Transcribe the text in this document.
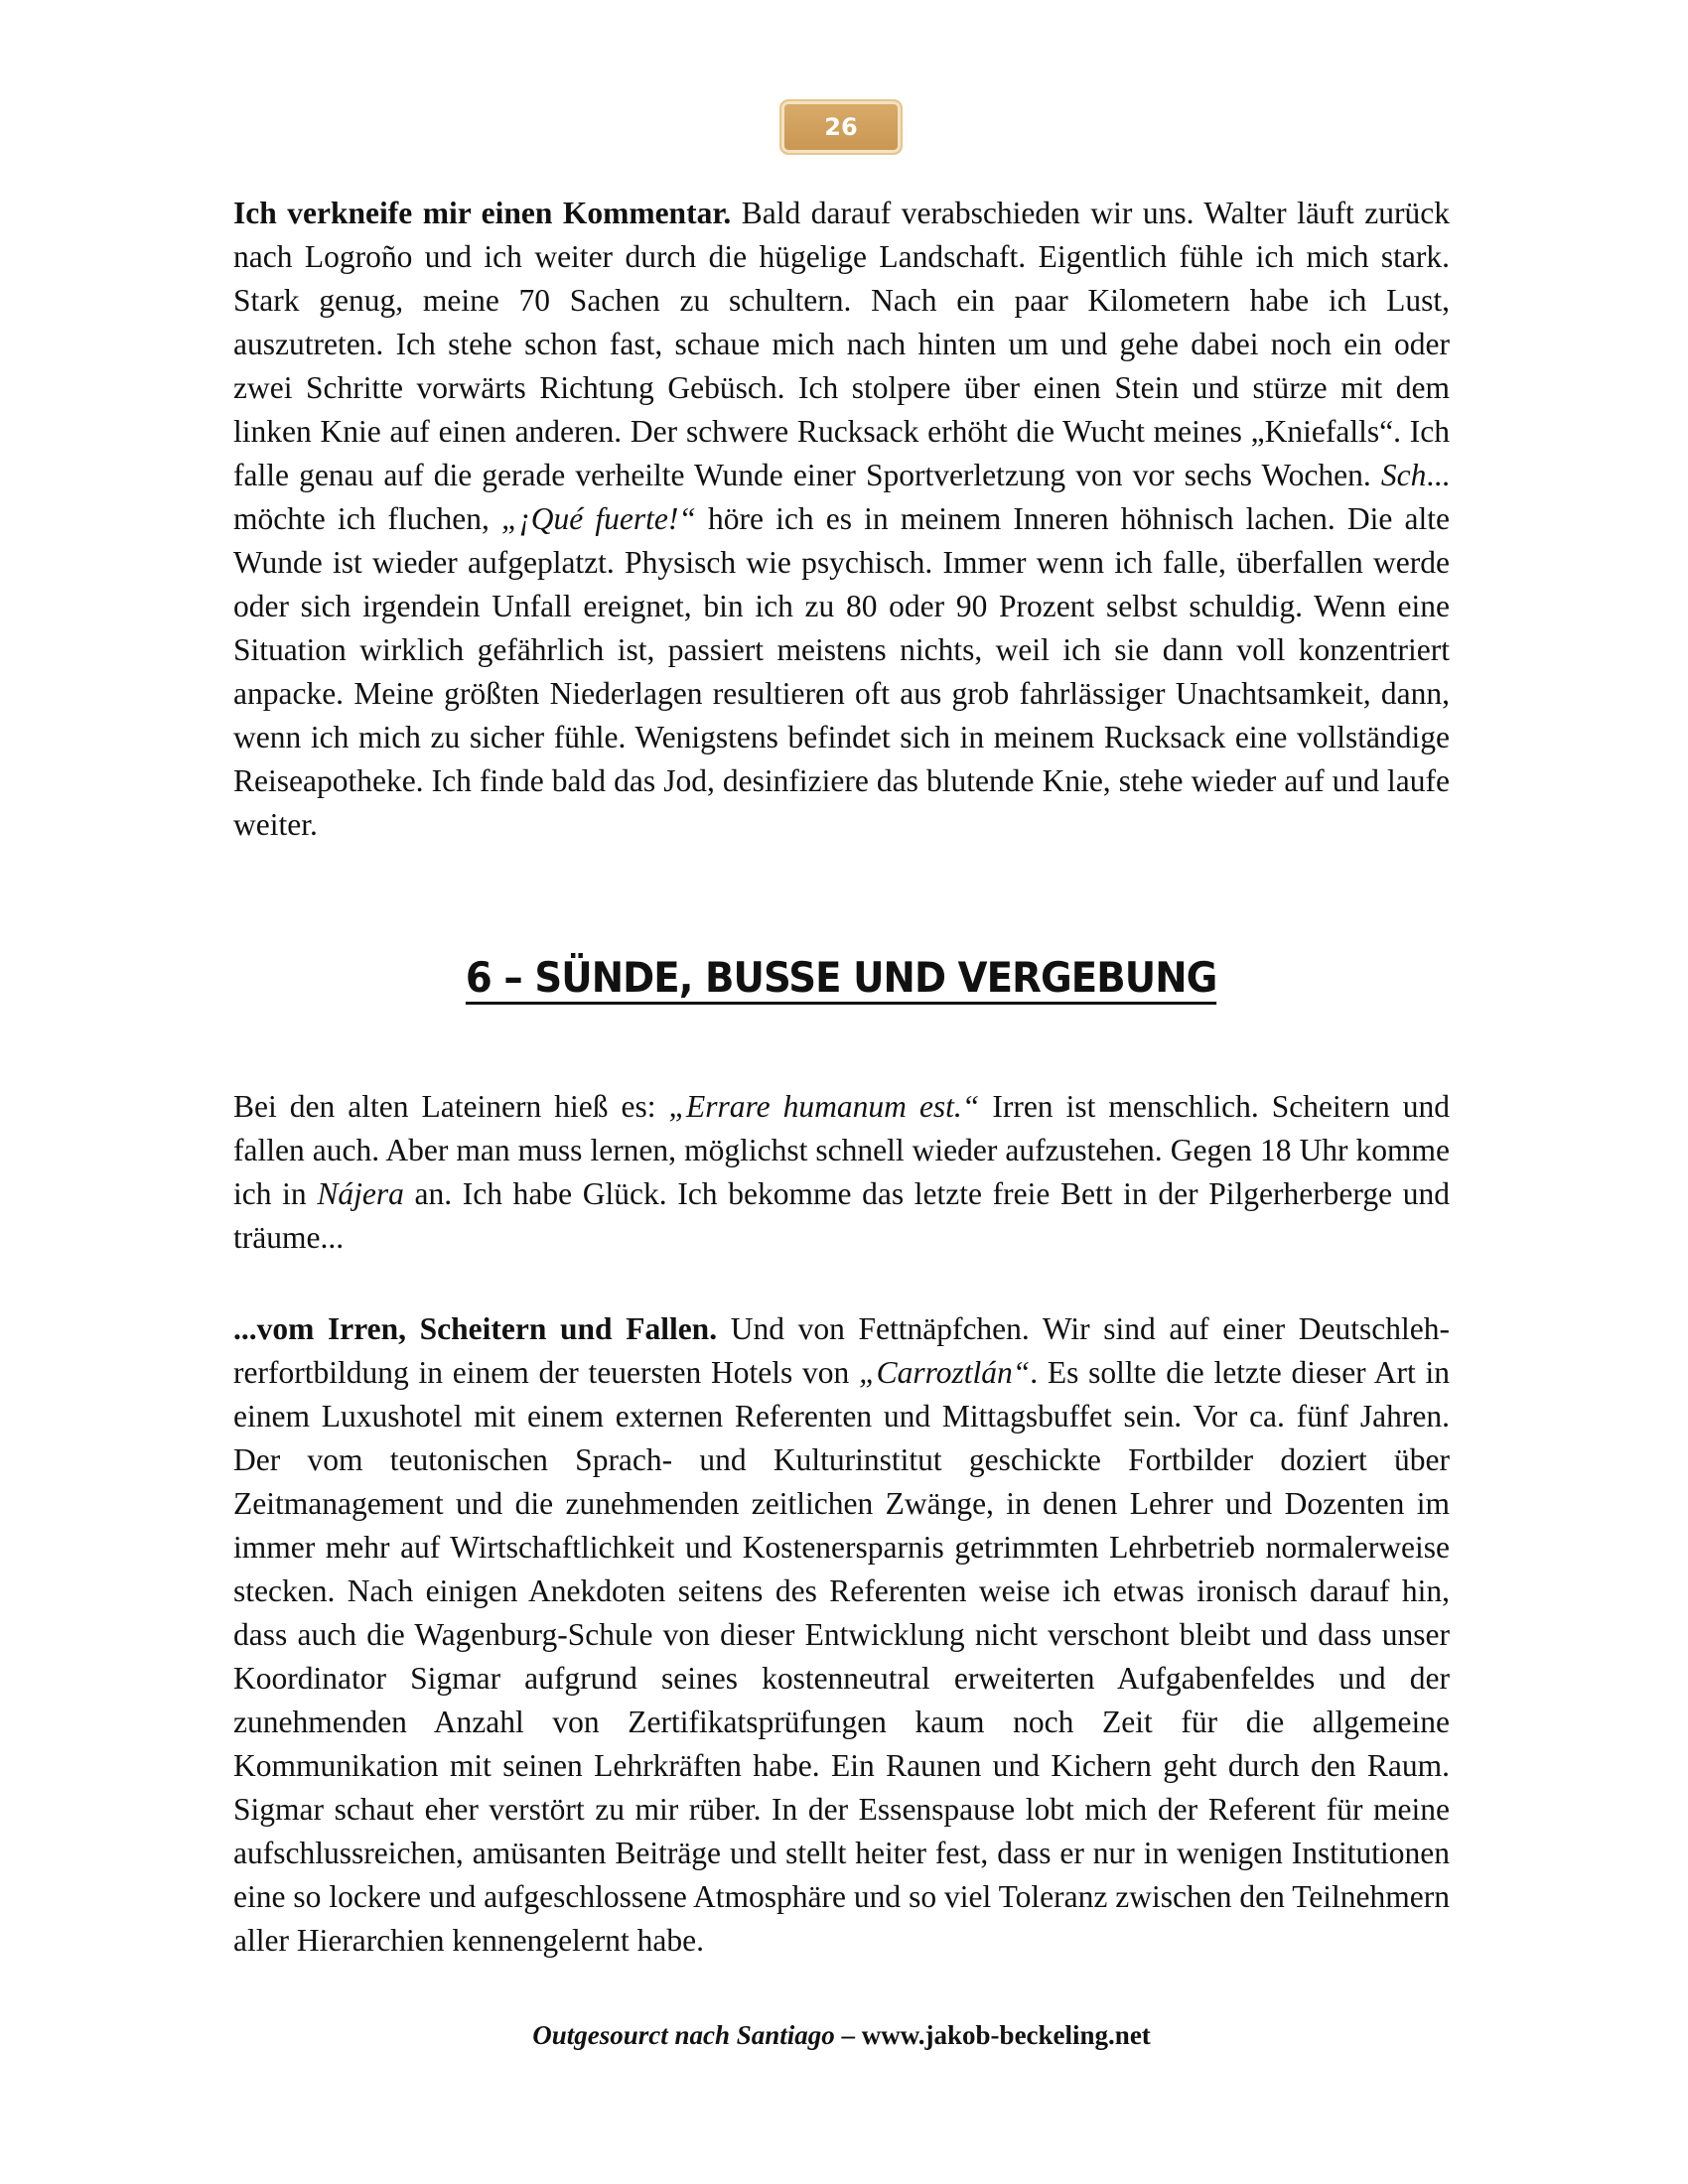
26
Ich verkneife mir einen Kommentar. Bald darauf verabschieden wir uns. Walter läuft zurück nach Logroño und ich weiter durch die hügelige Landschaft. Eigentlich fühle ich mich stark. Stark genug, meine 70 Sachen zu schultern. Nach ein paar Kilometern habe ich Lust, auszutreten. Ich stehe schon fast, schaue mich nach hinten um und gehe dabei noch ein oder zwei Schritte vorwärts Richtung Gebüsch. Ich stolpere über einen Stein und stürze mit dem linken Knie auf einen anderen. Der schwere Rucksack erhöht die Wucht meines „Kniefalls“. Ich falle genau auf die gerade verheilte Wunde einer Sportverletzung von vor sechs Wochen. Sch... möchte ich fluchen, „¡Qué fuerte!“ höre ich es in meinem Inneren höhnisch lachen. Die alte Wunde ist wieder aufgeplatzt. Physisch wie psychisch. Immer wenn ich falle, überfallen werde oder sich irgendein Unfall ereignet, bin ich zu 80 oder 90 Prozent selbst schuldig. Wenn eine Situation wirklich gefährlich ist, passiert meistens nichts, weil ich sie dann voll konzentriert anpacke. Meine größten Niederlagen resultieren oft aus grob fahrlässiger Unachtsamkeit, dann, wenn ich mich zu sicher fühle. Wenigstens befindet sich in meinem Rucksack eine vollständige Reiseapotheke. Ich finde bald das Jod, desinfiziere das blutende Knie, stehe wieder auf und laufe weiter.
6 – SÜNDE, BUSSE UND VERGEBUNG
Bei den alten Lateinern hieß es: „Errare humanum est.“ Irren ist menschlich. Scheitern und fallen auch. Aber man muss lernen, möglichst schnell wieder aufzustehen. Gegen 18 Uhr komme ich in Nájera an. Ich habe Glück. Ich bekomme das letzte freie Bett in der Pilgerherberge und träume...
...vom Irren, Scheitern und Fallen. Und von Fettnäpfchen. Wir sind auf einer Deutschlehrerfortbildung in einem der teuersten Hotels von „Carroztlán“. Es sollte die letzte dieser Art in einem Luxushotel mit einem externen Referenten und Mittagsbuffet sein. Vor ca. fünf Jahren. Der vom teutonischen Sprach- und Kulturinstitut geschickte Fortbilder doziert über Zeitmanagement und die zunehmenden zeitlichen Zwänge, in denen Lehrer und Dozenten im immer mehr auf Wirtschaftlichkeit und Kostenersparnis getrimmten Lehrbetrieb normalerweise stecken. Nach einigen Anekdoten seitens des Referenten weise ich etwas ironisch darauf hin, dass auch die Wagenburg-Schule von dieser Entwicklung nicht verschont bleibt und dass unser Koordinator Sigmar aufgrund seines kostenneutral erweiterten Aufgabenfeldes und der zunehmenden Anzahl von Zertifikatsprüfungen kaum noch Zeit für die allgemeine Kommunikation mit seinen Lehrkräften habe. Ein Raunen und Kichern geht durch den Raum. Sigmar schaut eher verstört zu mir rüber. In der Essenspause lobt mich der Referent für meine aufschlussreichen, amüsanten Beiträge und stellt heiter fest, dass er nur in wenigen Institutionen eine so lockere und aufgeschlossene Atmosphäre und so viel Toleranz zwischen den Teilnehmern aller Hierarchien kennengelernt habe.
Outgesourct nach Santiago – www.jakob-beckeling.net
